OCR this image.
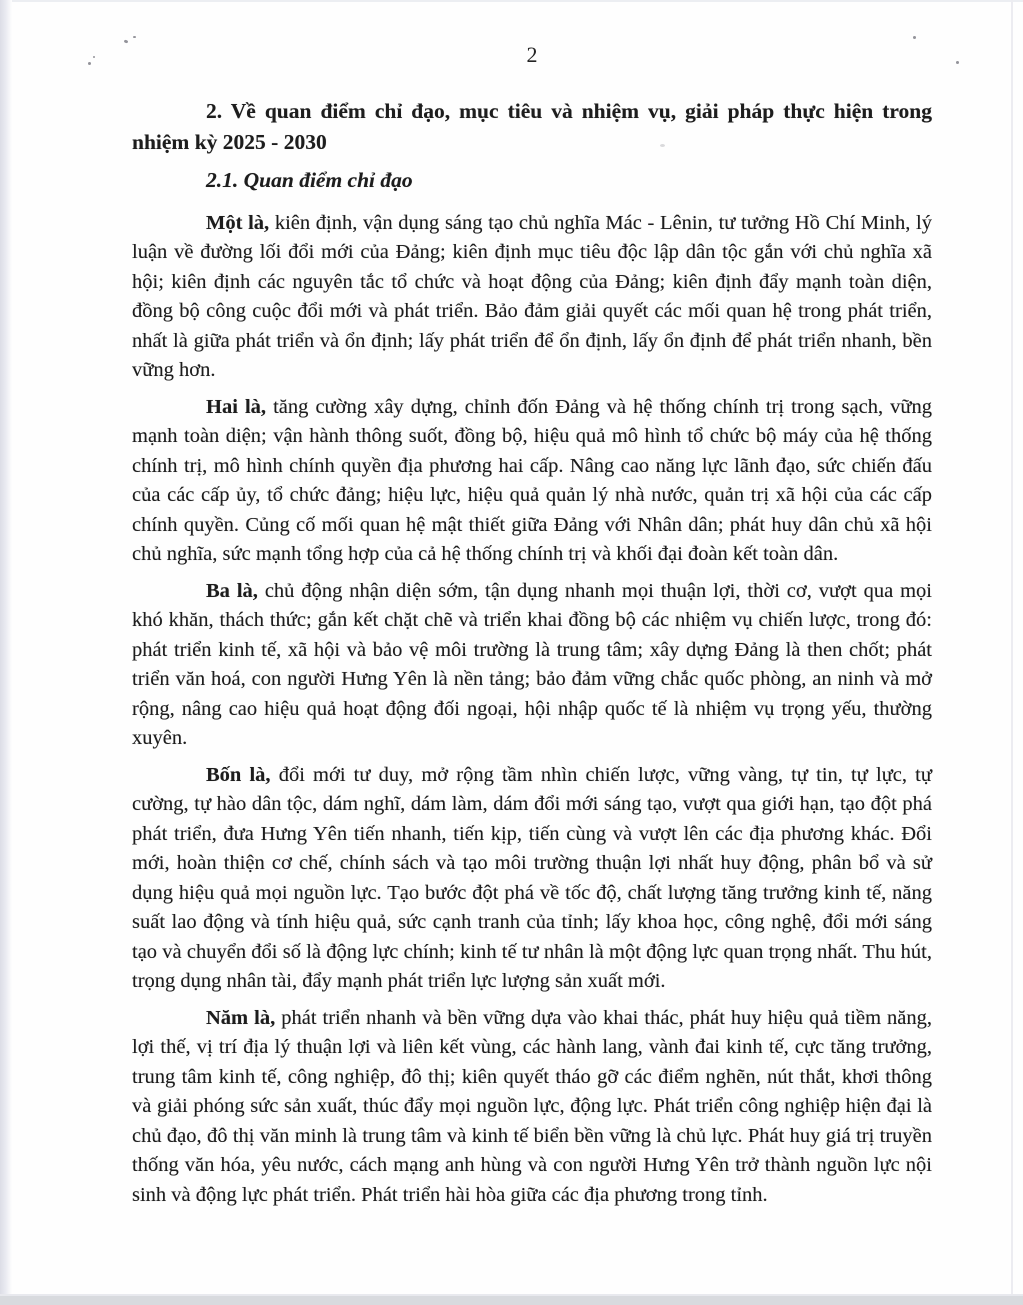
2

2. Về quan điểm chỉ đạo, mục tiêu và nhiệm vụ, giải pháp thực hiện trong nhiệm kỳ 2025 - 2030

2.1. Quan điểm chỉ đạo

Một là, kiên định, vận dụng sáng tạo chủ nghĩa Mác - Lênin, tư tưởng Hồ Chí Minh, lý luận về đường lối đổi mới của Đảng; kiên định mục tiêu độc lập dân tộc gắn với chủ nghĩa xã hội; kiên định các nguyên tắc tổ chức và hoạt động của Đảng; kiên định đẩy mạnh toàn diện, đồng bộ công cuộc đổi mới và phát triển. Bảo đảm giải quyết các mối quan hệ trong phát triển, nhất là giữa phát triển và ổn định; lấy phát triển để ổn định, lấy ổn định để phát triển nhanh, bền vững hơn.

Hai là, tăng cường xây dựng, chỉnh đốn Đảng và hệ thống chính trị trong sạch, vững mạnh toàn diện; vận hành thông suốt, đồng bộ, hiệu quả mô hình tổ chức bộ máy của hệ thống chính trị, mô hình chính quyền địa phương hai cấp. Nâng cao năng lực lãnh đạo, sức chiến đấu của các cấp ủy, tổ chức đảng; hiệu lực, hiệu quả quản lý nhà nước, quản trị xã hội của các cấp chính quyền. Củng cố mối quan hệ mật thiết giữa Đảng với Nhân dân; phát huy dân chủ xã hội chủ nghĩa, sức mạnh tổng hợp của cả hệ thống chính trị và khối đại đoàn kết toàn dân.

Ba là, chủ động nhận diện sớm, tận dụng nhanh mọi thuận lợi, thời cơ, vượt qua mọi khó khăn, thách thức; gắn kết chặt chẽ và triển khai đồng bộ các nhiệm vụ chiến lược, trong đó: phát triển kinh tế, xã hội và bảo vệ môi trường là trung tâm; xây dựng Đảng là then chốt; phát triển văn hoá, con người Hưng Yên là nền tảng; bảo đảm vững chắc quốc phòng, an ninh và mở rộng, nâng cao hiệu quả hoạt động đối ngoại, hội nhập quốc tế là nhiệm vụ trọng yếu, thường xuyên.

Bốn là, đổi mới tư duy, mở rộng tầm nhìn chiến lược, vững vàng, tự tin, tự lực, tự cường, tự hào dân tộc, dám nghĩ, dám làm, dám đổi mới sáng tạo, vượt qua giới hạn, tạo đột phá phát triển, đưa Hưng Yên tiến nhanh, tiến kịp, tiến cùng và vượt lên các địa phương khác. Đổi mới, hoàn thiện cơ chế, chính sách và tạo môi trường thuận lợi nhất huy động, phân bổ và sử dụng hiệu quả mọi nguồn lực. Tạo bước đột phá về tốc độ, chất lượng tăng trưởng kinh tế, năng suất lao động và tính hiệu quả, sức cạnh tranh của tỉnh; lấy khoa học, công nghệ, đổi mới sáng tạo và chuyển đổi số là động lực chính; kinh tế tư nhân là một động lực quan trọng nhất. Thu hút, trọng dụng nhân tài, đẩy mạnh phát triển lực lượng sản xuất mới.

Năm là, phát triển nhanh và bền vững dựa vào khai thác, phát huy hiệu quả tiềm năng, lợi thế, vị trí địa lý thuận lợi và liên kết vùng, các hành lang, vành đai kinh tế, cực tăng trưởng, trung tâm kinh tế, công nghiệp, đô thị; kiên quyết tháo gỡ các điểm nghẽn, nút thắt, khơi thông và giải phóng sức sản xuất, thúc đẩy mọi nguồn lực, động lực. Phát triển công nghiệp hiện đại là chủ đạo, đô thị văn minh là trung tâm và kinh tế biển bền vững là chủ lực. Phát huy giá trị truyền thống văn hóa, yêu nước, cách mạng anh hùng và con người Hưng Yên trở thành nguồn lực nội sinh và động lực phát triển. Phát triển hài hòa giữa các địa phương trong tỉnh.
